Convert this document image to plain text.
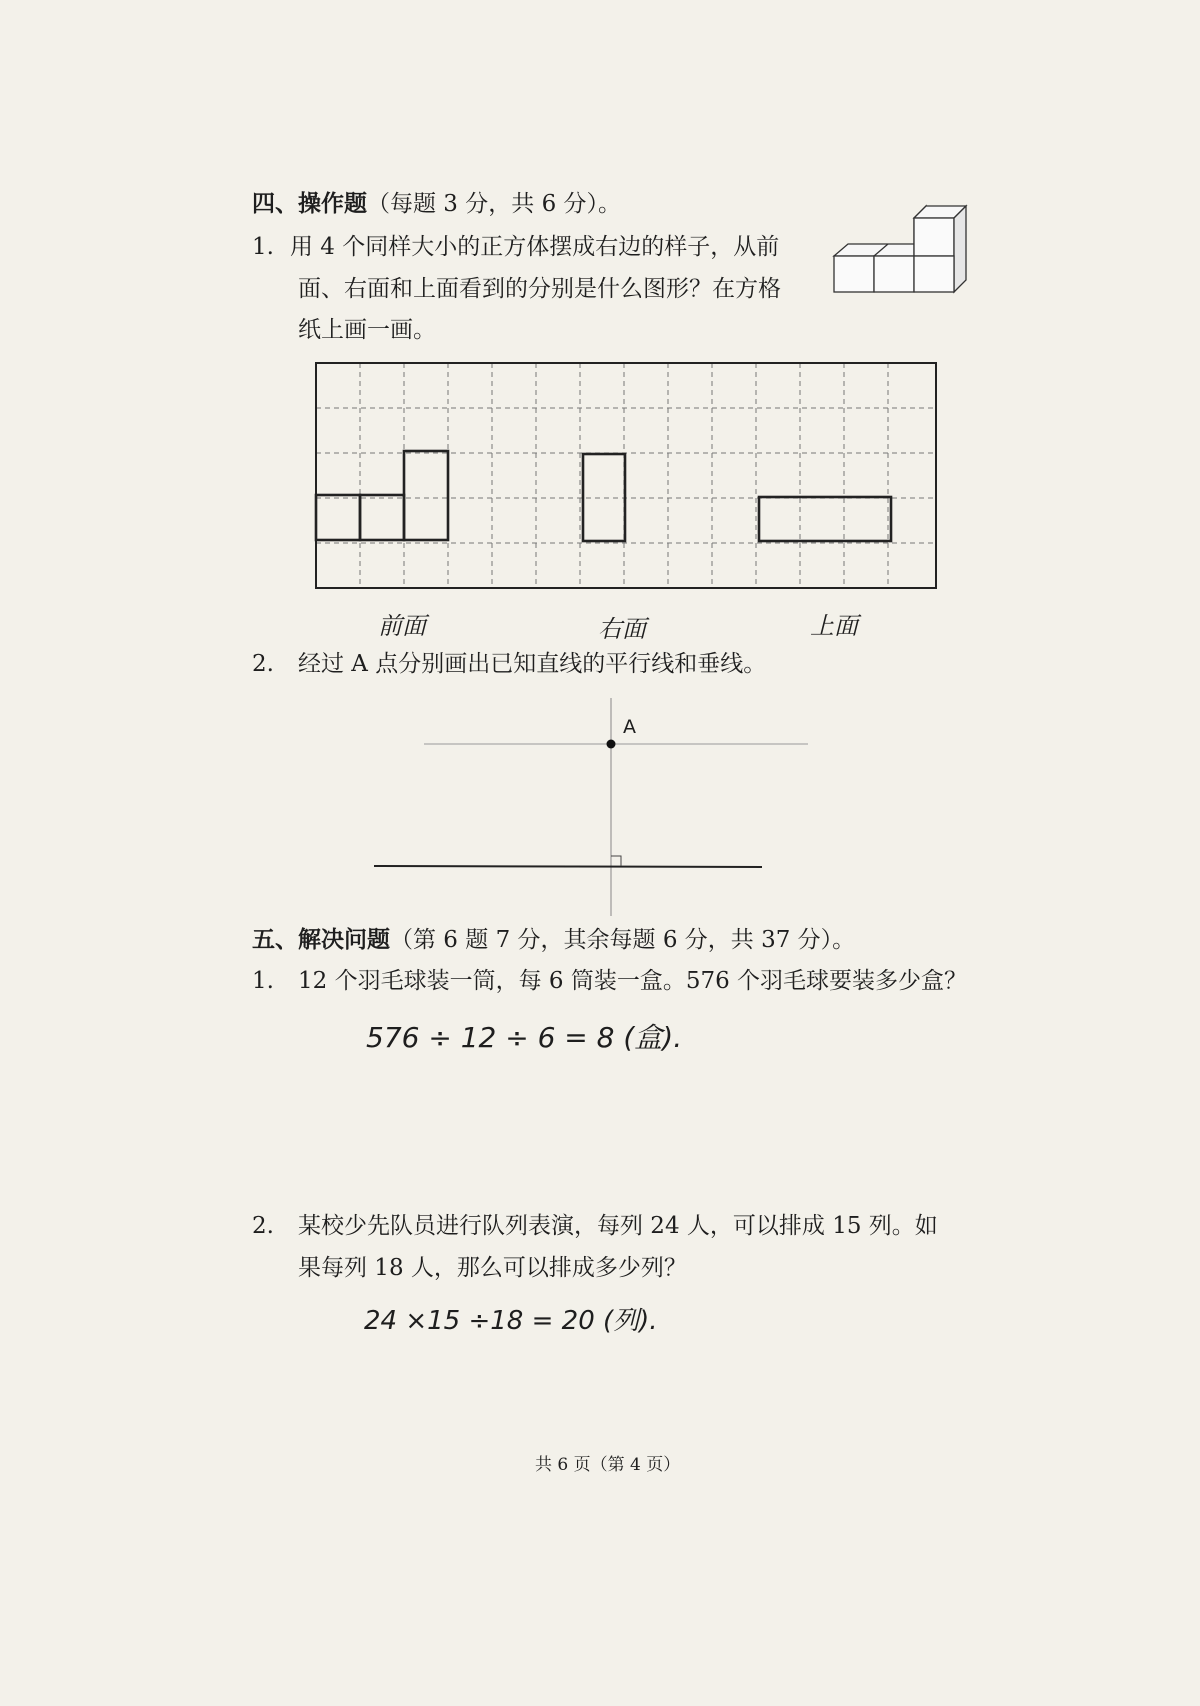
四、操作题（每题 3 分，共 6 分）。
1. 用 4 个同样大小的正方体摆成右边的样子，从前
面、右面和上面看到的分别是什么图形？在方格
纸上画一画。
前面	右面	上面
2. 经过 A 点分别画出已知直线的平行线和垂线。
A
五、解决问题（第 6 题 7 分，其余每题 6 分，共 37 分）。
1. 12 个羽毛球装一筒，每 6 筒装一盒。576 个羽毛球要装多少盒？
576 ÷ 12 ÷ 6 = 8 (盒).
2. 某校少先队员进行队列表演，每列 24 人，可以排成 15 列。如
果每列 18 人，那么可以排成多少列？
24 ×15 ÷18 = 20 (列).
共 6 页（第 4 页）
